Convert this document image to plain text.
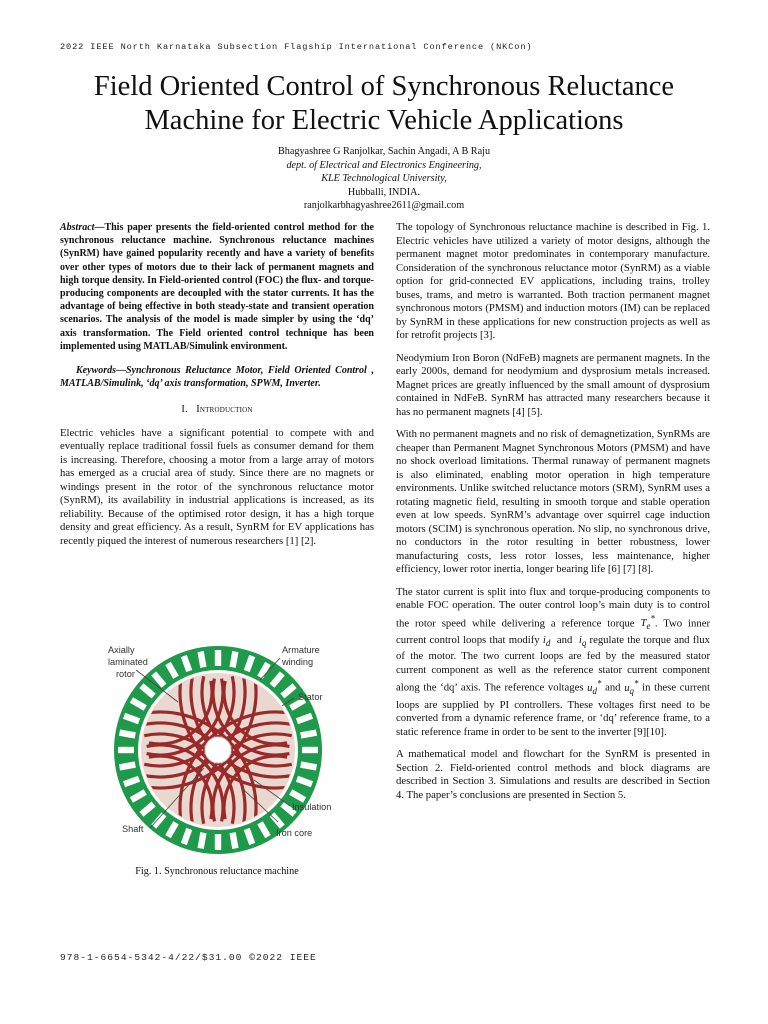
2022 IEEE North Karnataka Subsection Flagship International Conference (NKCon)
Field Oriented Control of Synchronous Reluctance
Machine for Electric Vehicle Applications
Bhagyashree G Ranjolkar, Sachin Angadi, A B Raju
dept. of Electrical and Electronics Engineering,
KLE Technological University,
Hubballi, INDIA.
ranjolkarbhagyashree2611@gmail.com
Abstract—This paper presents the field-oriented control method for the synchronous reluctance machine. Synchronous reluctance machines (SynRM) have gained popularity recently and have a variety of benefits over other types of motors due to their lack of permanent magnets and high torque density. In Field-oriented control (FOC) the flux- and torque-producing components are decoupled with the stator currents. It has the advantage of being effective in both steady-state and transient operation scenarios. The analysis of the model is made simpler by using the ‘dq’ axis transformation. The Field oriented control technique has been implemented using MATLAB/Simulink environment.
Keywords—Synchronous Reluctance Motor, Field Oriented Control , MATLAB/Simulink, ‘dq’ axis transformation, SPWM, Inverter.
I. Introduction

Electric vehicles have a significant potential to compete with and eventually replace traditional fossil fuels as consumer demand for them is increasing. Therefore, choosing a motor from a large array of motors has emerged as a crucial area of study. Since there are no magnets or windings present in the rotor of the synchronous reluctance motor (SynRM), its availability in industrial applications is increased, as its reliability. Because of the optimised rotor design, it has a high torque density and great efficiency. As a result, SynRM for EV applications has recently piqued the interest of numerous researchers [1] [2].

Axially
laminated
rotor
Armature
winding
Stator
Insulation
Shaft	Iron core
Fig. 1. Synchronous reluctance machine

The topology of Synchronous reluctance machine is described in Fig. 1. Electric vehicles have utilized a variety of motor designs, although the permanent magnet motor predominates in contemporary manufacture. Consideration of the synchronous reluctance motor (SynRM) as a viable option for grid-connected EV applications, including trains, trolley buses, trams, and metro is warranted. Both traction permanent magnet synchronous motors (PMSM) and induction motors (IM) can be replaced by SynRM in these applications for new construction projects as well as for retrofit projects [3].

Neodymium Iron Boron (NdFeB) magnets are permanent magnets. In the early 2000s, demand for neodymium and dysprosium metals increased. Magnet prices are greatly influenced by the small amount of dysprosium contained in NdFeB. SynRM has attracted many researchers because it has no permanent magnets [4] [5].

With no permanent magnets and no risk of demagnetization, SynRMs are cheaper than Permanent Magnet Synchronous Motors (PMSM) and have no shock overload limitations. Thermal runaway of permanent magnets is also eliminated, enabling motor operation in high temperature environments. Unlike switched reluctance motors (SRM), SynRM uses a rotating magnetic field, resulting in smooth torque and stable operation even at low speeds. SynRM’s advantage over squirrel cage induction motors (SCIM) is synchronous operation. No slip, no synchronous drive, no conductors in the rotor resulting in better robustness, lower manufacturing costs, less rotor losses, less maintenance, higher efficiency, lower rotor inertia, longer bearing life [6] [7] [8].

The stator current is split into flux and torque-producing components to enable FOC operation. The outer control loop’s main duty is to control the rotor speed while delivering a reference torque $T_e^*$. Two inner current control loops that modify $i_d$  and  $i_q$ regulate the torque and flux of the motor. The two current loops are fed by the measured stator current component as well as the reference stator current component along the ‘dq’ axis. The reference voltages $u_d^*$ and $u_q^*$ in these current loops are supplied by PI controllers. These voltages first need to be converted from a dynamic reference frame, or ‘dq’ reference frame, to a static reference frame in order to be sent to the inverter [9][10].

A mathematical model and flowchart for the SynRM is presented in Section 2. Field-oriented control methods and block diagrams are described in Section 3. Simulations and results are described in Section 4. The paper’s conclusions are presented in Section 5.

978-1-6654-5342-4/22/$31.00 ©2022 IEEE
